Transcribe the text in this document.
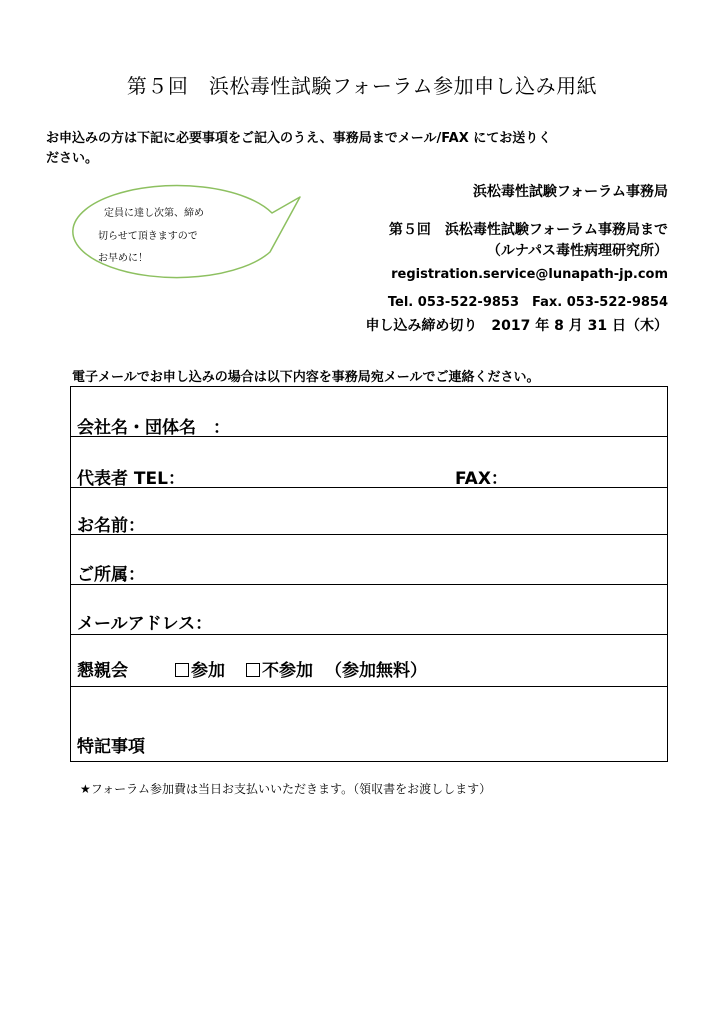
第５回　浜松毒性試験フォーラム参加申し込み用紙
お申込みの方は下記に必要事項をご記入のうえ、事務局までメール/FAX にてお送りく
ださい。
定員に達し次第、締め
切らせて頂きますので
お早めに！
浜松毒性試験フォーラム事務局
第５回　浜松毒性試験フォーラム事務局まで
（ルナパス毒性病理研究所）
registration.service@lunapath-jp.com
Tel. 053-522-9853　Fax. 053-522-9854
申し込み締め切り　2017 年 8 月 31 日（木）
電子メールでお申し込みの場合は以下内容を事務局宛メールでご連絡ください。
会社名・団体名　：
代表者 TEL：	FAX：
お名前：
ご所属：
メールアドレス：
懇親会	参加	不参加 （参加無料）
特記事項
★フォーラム参加費は当日お支払いいただきます。（領収書をお渡しします）
